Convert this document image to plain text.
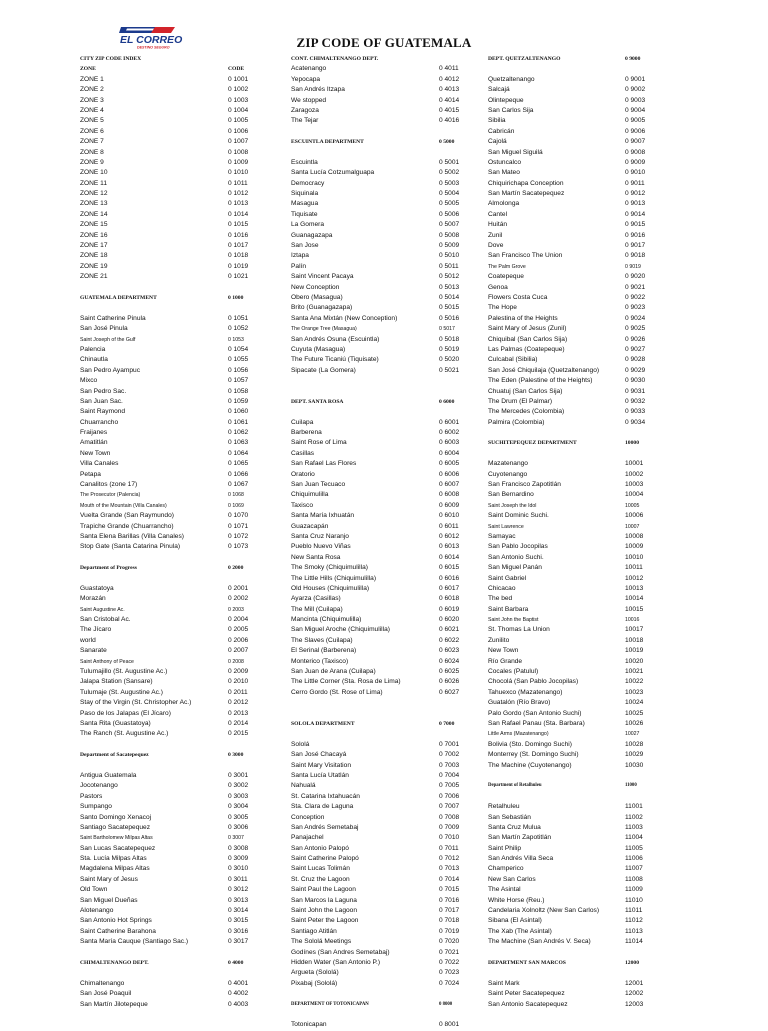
EL CORREO
DESTINO SEGURO	ZIP CODE OF GUATEMALA
CITY ZIP CODE INDEX
ZONE	CODE
ZONE 1	0 1001
ZONE 2	0 1002
ZONE 3	0 1003
ZONE 4	0 1004
ZONE 5	0 1005
ZONE 6	0 1006
ZONE 7	0 1007
ZONE 8	0 1008
ZONE 9	0 1009
ZONE 10	0 1010
ZONE 11	0 1011
ZONE 12	0 1012
ZONE 13	0 1013
ZONE 14	0 1014
ZONE 15	0 1015
ZONE 16	0 1016
ZONE 17	0 1017
ZONE 18	0 1018
ZONE 19	0 1019
ZONE 21	0 1021
GUATEMALA DEPARTMENT	0 1000
Saint Catherine Pinula	0 1051
San José Pinula	0 1052
Saint Joseph of the Gulf	0 1053
Palencia	0 1054
Chinautla	0 1055
San Pedro Ayampuc	0 1056
Mixco	0 1057
San Pedro Sac.	0 1058
San Juan Sac.	0 1059
Saint Raymond	0 1060
Chuarrancho	0 1061
Fraijanes	0 1062
Amatitlán	0 1063
New Town	0 1064
Villa Canales	0 1065
Petapa	0 1066
Canalitos (zone 17)	0 1067
The Prosecutor (Palencia)	0 1068
Mouth of the Mountain (Villa Canales)	0 1069
Vuelta Grande (San Raymundo)	0 1070
Trapiche Grande (Chuarrancho)	0 1071
Santa Elena Barillas (Villa Canales)	0 1072
Stop Gate (Santa Catarina Pinula)	0 1073
Department of Progress	0 2000
Guastatoya	0 2001
Morazán	0 2002
Saint Augustine Ac.	0 2003
San Cristobal Ac.	0 2004
The Jícaro	0 2005
world	0 2006
Sanarate	0 2007
Saint Anthony of Peace	0 2008
Tulumajillo (St. Augustine Ac.)	0 2009
Jalapa Station (Sansare)	0 2010
Tulumaje (St. Augustine Ac.)	0 2011
Stay of the Virgin (St. Christopher Ac.)	0 2012
Paso de los Jalapas (El Jícaro)	0 2013
Santa Rita (Guastatoya)	0 2014
The Ranch (St. Augustine Ac.)	0 2015
Department of Sacatepequez	0 3000
Antigua Guatemala	0 3001
Jocotenango	0 3002
Pastors	0 3003
Sumpango	0 3004
Santo Domingo Xenacoj	0 3005
Santiago Sacatepequez	0 3006
Saint Bartholomew Milpas Altas	0 3007
San Lucas Sacatepequez	0 3008
Sta. Lucía Milpas Altas	0 3009
Magdalena Milpas Altas	0 3010
Saint Mary of Jesus	0 3011
Old Town	0 3012
San Miguel Dueñas	0 3013
Alotenango	0 3014
San Antonio Hot Springs	0 3015
Saint Catherine Barahona	0 3016
Santa María Cauque (Santiago Sac.)	0 3017
CHIMALTENANGO DEPT.	0 4000
Chimaltenango	0 4001
San José Poaquil	0 4002
San Martín Jilotepeque	0 4003
CONT. CHIMALTENANGO DEPT.
Acatenango	0 4011
Yepocapa	0 4012
San Andrés Itzapa	0 4013
We stopped	0 4014
Zaragoza	0 4015
The Tejar	0 4016
ESCUINTLA DEPARTMENT	0 5000
Escuintla	0 5001
Santa Lucía Cotzumalguapa	0 5002
Democracy	0 5003
Siquinala	0 5004
Masagua	0 5005
Tiquisate	0 5006
La Gomera	0 5007
Guanagazapa	0 5008
San Jose	0 5009
Iztapa	0 5010
Palín	0 5011
Saint Vincent Pacaya	0 5012
New Conception	0 5013
Obero (Masagua)	0 5014
Brito (Guanagazapa)	0 5015
Santa Ana Mixtán (New Conception)	0 5016
The Orange Tree (Masagua)	0 5017
San Andrés Osuna (Escuintla)	0 5018
Cuyuta (Masagua)	0 5019
The Future Ticaniú (Tiquisate)	0 5020
Sipacate (La Gomera)	0 5021
DEPT. SANTA ROSA	0 6000
Cuilapa	0 6001
Barberena	0 6002
Saint Rose of Lima	0 6003
Casillas	0 6004
San Rafael Las Flores	0 6005
Oratorio	0 6006
San Juan Tecuaco	0 6007
Chiquimulilla	0 6008
Taxisco	0 6009
Santa María Ixhuatán	0 6010
Guazacapán	0 6011
Santa Cruz Naranjo	0 6012
Pueblo Nuevo Viñas	0 6013
New Santa Rosa	0 6014
The Smoky (Chiquimulilla)	0 6015
The Little Hills (Chiquimulilla)	0 6016
Old Houses (Chiquimulilla)	0 6017
Ayarza (Casillas)	0 6018
The Mill (Cuilapa)	0 6019
Mancinta (Chiquimulilla)	0 6020
San Miguel Aroche (Chiquimulilla)	0 6021
The Slaves (Cuilapa)	0 6022
El Serinal (Barberena)	0 6023
Monterico (Taxisco)	0 6024
San Juan de Arana (Cuilapa)	0 6025
The Little Corner (Sta. Rosa de Lima)	0 6026
Cerro Gordo (St. Rose of Lima)	0 6027
SOLOLA DEPARTMENT	0 7000
Sololá	0 7001
San José Chacayá	0 7002
Saint Mary Visitation	0 7003
Santa Lucía Utatlán	0 7004
Nahualá	0 7005
St. Catarina Ixtahuacán	0 7006
Sta. Clara de Laguna	0 7007
Conception	0 7008
San Andrés Semetabaj	0 7009
Panajachel	0 7010
San Antonio Palopó	0 7011
Saint Catherine Palopó	0 7012
Saint Lucas Tolimán	0 7013
St. Cruz the Lagoon	0 7014
Saint Paul the Lagoon	0 7015
San Marcos la Laguna	0 7016
Saint John the Lagoon	0 7017
Saint Peter the Lagoon	0 7018
Santiago Atitlán	0 7019
The Sololá Meetings	0 7020
Godínes (San Andres Semetabaj)	0 7021
Hidden Water (San Antonio P.)	0 7022
Argueta (Sololá)	0 7023
Pixabaj (Sololá)	0 7024
DEPARTMENT OF TOTONICAPAN	0 8000
Totonicapan	0 8001
DEPT. QUETZALTENANGO	0 9000
Quetzaltenango	0 9001
Salcajá	0 9002
Olintepeque	0 9003
San Carlos Sija	0 9004
Sibilia	0 9005
Cabricán	0 9006
Cajolá	0 9007
San Miguel Siguilá	0 9008
Ostuncalco	0 9009
San Mateo	0 9010
Chiquirichapa Conception	0 9011
San Martín Sacatepequez	0 9012
Almolonga	0 9013
Cantel	0 9014
Huitán	0 9015
Zunil	0 9016
Dove	0 9017
San Francisco The Union	0 9018
The Palm Grove	0 9019
Coatepeque	0 9020
Genoa	0 9021
Flowers Costa Cuca	0 9022
The Hope	0 9023
Palestina of the Heights	0 9024
Saint Mary of Jesus (Zunil)	0 9025
Chiquibal (San Carlos Sija)	0 9026
Las Palmas (Coatepeque)	0 9027
Culcabal (Sibilia)	0 9028
San José Chiquilaja (Quetzaltenango)	0 9029
The Eden (Palestine of the Heights)	0 9030
Chuatuj (San Carlos Sija)	0 9031
The Drum (El Palmar)	0 9032
The Mercedes (Colombia)	0 9033
Palmira (Colombia)	0 9034
SUCHITEPEQUEZ DEPARTMENT	10000
Mazatenango	10001
Cuyotenango	10002
San Francisco Zapotitlán	10003
San Bernardino	10004
Saint Joseph the Idol	10005
Saint Dominic Suchi.	10006
Saint Lawrence	10007
Samayac	10008
San Pablo Jocopilas	10009
San Antonio Suchi.	10010
San Miguel Panán	10011
Saint Gabriel	10012
Chicacao	10013
The bed	10014
Saint Barbara	10015
Saint John the Baptist	10016
St. Thomas La Union	10017
Zunilito	10018
New Town	10019
Río Grande	10020
Cocales (Patulul)	10021
Chocolá (San Pablo Jocopilas)	10022
Tahuexco (Mazatenango)	10023
Guatalón (Río Bravo)	10024
Palo Gordo (San Antonio Suchi)	10025
San Rafael Panau (Sta. Barbara)	10026
Little Arms (Mazatenango)	10027
Bolivia (Sto. Domingo Suchi)	10028
Monterrey (St. Domingo Suchi)	10029
The Machine (Cuyotenango)	10030
Department of Retalhuleu	11000
Retalhuleu	11001
San Sebastián	11002
Santa Cruz Mulua	11003
San Martín Zapotitlán	11004
Saint Philip	11005
San Andrés Villa Seca	11006
Champerico	11007
New San Carlos	11008
The Asintal	11009
White Horse (Reu.)	11010
Candelaria Xolnoltz (New San Carlos)	11011
Sibana (El Asintal)	11012
The Xab (The Asintal)	11013
The Machine (San Andrés V. Seca)	11014
DEPARTMENT SAN MARCOS	12000
Saint Mark	12001
Saint Peter Sacatepequez	12002
San Antonio Sacatepequez	12003
